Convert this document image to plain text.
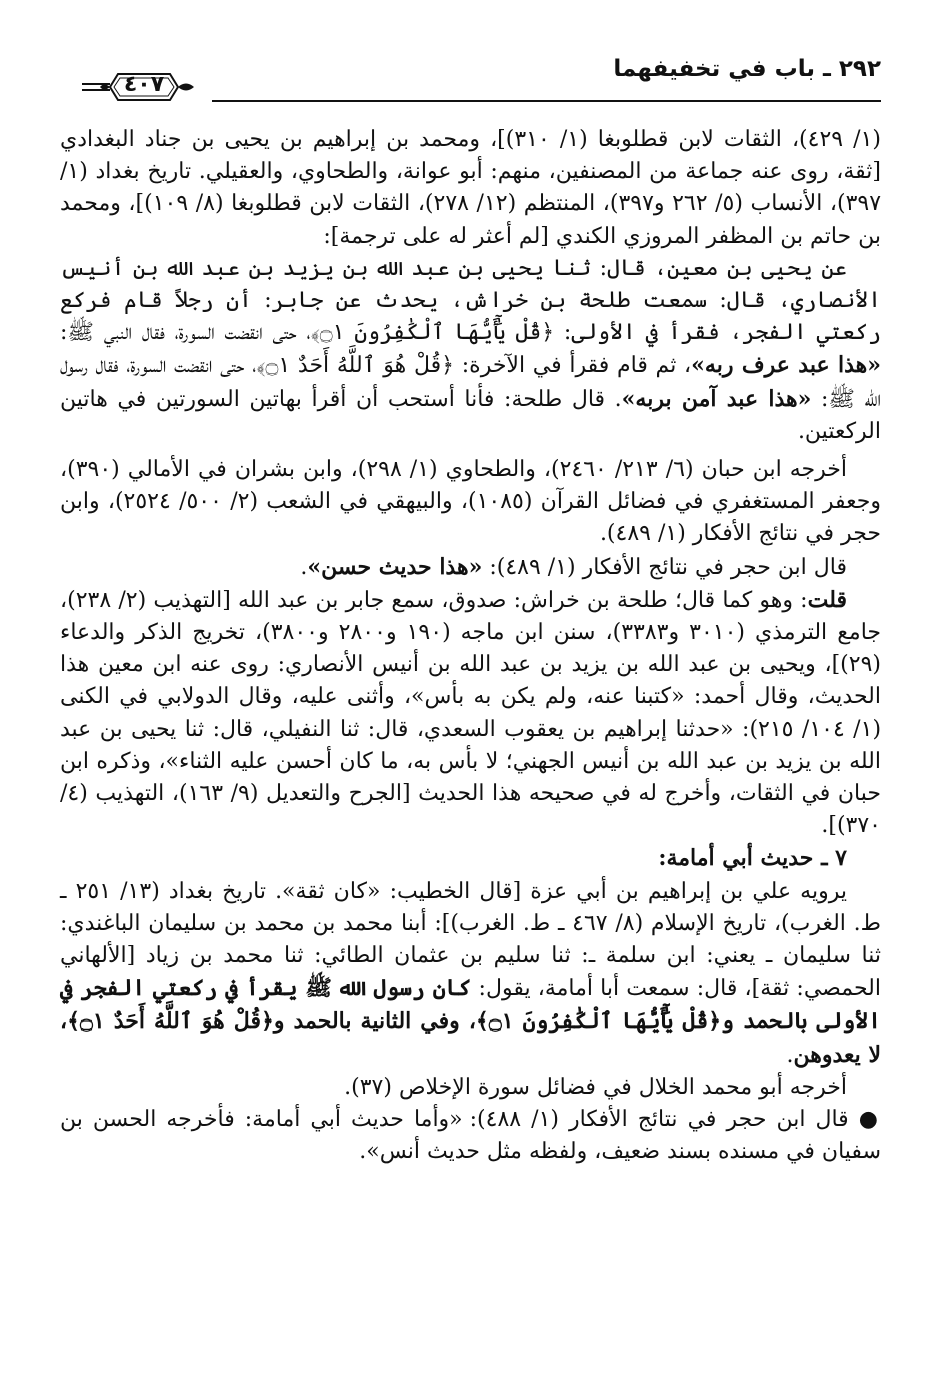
٢٩٢ ـ باب في تخفيفهما
٤٠٧

(١/ ٤٢٩)، الثقات لابن قطلوبغا (١/ ٣١٠)]، ومحمد بن إبراهيم بن يحيى بن جناد البغدادي [ثقة، روى عنه جماعة من المصنفين، منهم: أبو عوانة، والطحاوي، والعقيلي. تاريخ بغداد (١/ ٣٩٧)، الأنساب (٥/ ٢٦٢ و٣٩٧)، المنتظم (١٢/ ٢٧٨)، الثقات لابن قطلوبغا (٨/ ١٠٩)]، ومحمد بن حاتم بن المظفر المروزي الكندي [لم أعثر له على ترجمة]:

عن يحيى بن معين، قال: ثنا يحيى بن عبد الله بن يزيد بن عبد الله بن أنيس الأنصاري، قال: سمعت طلحة بن خراش، يحدث عن جابر: أن رجلاً قام فركع ركعتي الفجر، فقرأ في الأولى: ﴿قُلْ يَٰٓأَيُّهَا ٱلْكَٰفِرُونَ ۝١﴾، حتى انقضت السورة، فقال النبي ﷺ: «هذا عبد عرف ربه»، ثم قام فقرأ في الآخرة: ﴿قُلْ هُوَ ٱللَّهُ أَحَدٌ ۝١﴾، حتى انقضت السورة، فقال رسول الله ﷺ: «هذا عبد آمن بربه». قال طلحة: فأنا أستحب أن أقرأ بهاتين السورتين في هاتين الركعتين.

أخرجه ابن حبان (٦/ ٢١٣/ ٢٤٦٠)، والطحاوي (١/ ٢٩٨)، وابن بشران في الأمالي (٣٩٠)، وجعفر المستغفري في فضائل القرآن (١٠٨٥)، والبيهقي في الشعب (٢/ ٥٠٠/ ٢٥٢٤)، وابن حجر في نتائج الأفكار (١/ ٤٨٩).

قال ابن حجر في نتائج الأفكار (١/ ٤٨٩): «هذا حديث حسن».

قلت: وهو كما قال؛ طلحة بن خراش: صدوق، سمع جابر بن عبد الله [التهذيب (٢/ ٢٣٨)، جامع الترمذي (٣٠١٠ و٣٣٨٣)، سنن ابن ماجه (١٩٠ و٢٨٠٠ و٣٨٠٠)، تخريج الذكر والدعاء (٢٩)]، ويحيى بن عبد الله بن يزيد بن عبد الله بن أنيس الأنصاري: روى عنه ابن معين هذا الحديث، وقال أحمد: «كتبنا عنه، ولم يكن به بأس»، وأثنى عليه، وقال الدولابي في الكنى (١/ ١٠٤/ ٢١٥): «حدثنا إبراهيم بن يعقوب السعدي، قال: ثنا النفيلي، قال: ثنا يحيى بن عبد الله بن يزيد بن عبد الله بن أنيس الجهني؛ لا بأس به، ما كان أحسن عليه الثناء»، وذكره ابن حبان في الثقات، وأخرج له في صحيحه هذا الحديث [الجرح والتعديل (٩/ ١٦٣)، التهذيب (٤/ ٣٧٠)].

٧ ـ حديث أبي أمامة:

يرويه علي بن إبراهيم بن أبي عزة [قال الخطيب: «كان ثقة». تاريخ بغداد (١٣/ ٢٥١ ـ ط. الغرب)، تاريخ الإسلام (٨/ ٤٦٧ ـ ط. الغرب)]: أبنا محمد بن محمد بن سليمان الباغندي: ثنا سليمان ـ يعني: ابن سلمة ـ: ثنا سليم بن عثمان الطائي: ثنا محمد بن زياد [الألهاني الحمصي: ثقة]، قال: سمعت أبا أمامة، يقول: كان رسول الله ﷺ يقرأ في ركعتي الفجر في الأولى بالحمد و﴿قُلْ يَٰٓأَيُّهَا ٱلْكَٰفِرُونَ ۝١﴾، وفي الثانية بالحمد و﴿قُلْ هُوَ ٱللَّهُ أَحَدٌ ۝١﴾، لا يعدوهن.

أخرجه أبو محمد الخلال في فضائل سورة الإخلاص (٣٧).

● قال ابن حجر في نتائج الأفكار (١/ ٤٨٨): «وأما حديث أبي أمامة: فأخرجه الحسن بن سفيان في مسنده بسند ضعيف، ولفظه مثل حديث أنس».
